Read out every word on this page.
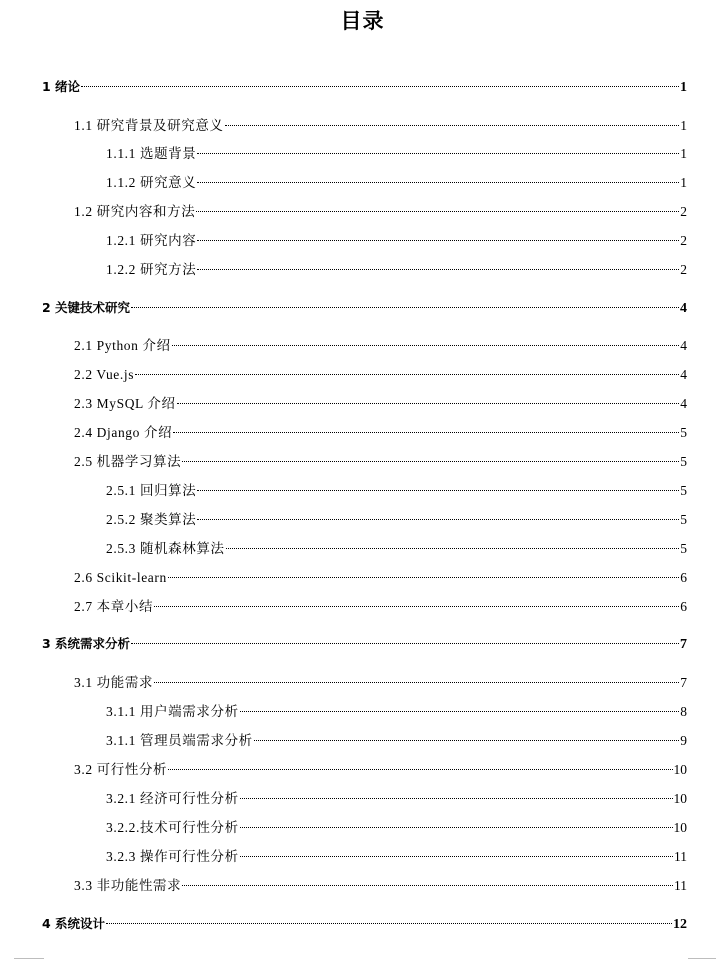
目录
1 绪论	1
1.1 研究背景及研究意义	1
1.1.1 选题背景	1
1.1.2 研究意义	1
1.2 研究内容和方法	2
1.2.1 研究内容	2
1.2.2 研究方法	2
2 关键技术研究	4
2.1 Python 介绍	4
2.2 Vue.js	4
2.3 MySQL 介绍	4
2.4 Django 介绍	5
2.5 机器学习算法	5
2.5.1 回归算法	5
2.5.2 聚类算法	5
2.5.3 随机森林算法	5
2.6 Scikit-learn	6
2.7 本章小结	6
3 系统需求分析	7
3.1 功能需求	7
3.1.1 用户端需求分析	8
3.1.1 管理员端需求分析	9
3.2 可行性分析	10
3.2.1 经济可行性分析	10
3.2.2.技术可行性分析	10
3.2.3 操作可行性分析	11
3.3 非功能性需求	11
4 系统设计	12
